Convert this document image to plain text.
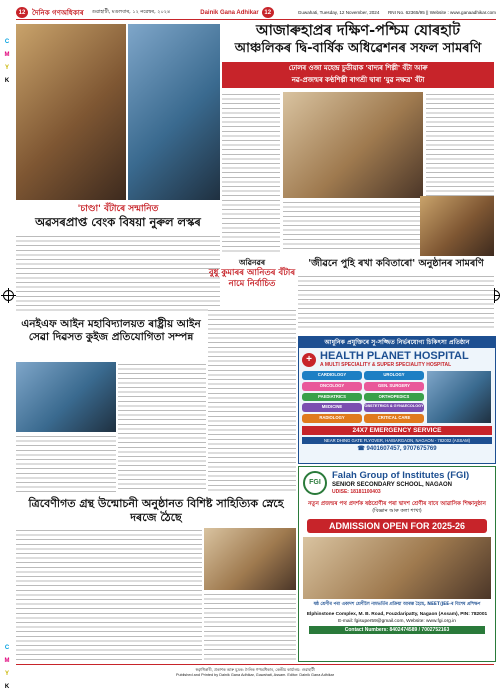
C
M
Y
K
C
M
Y
K
12 দৈনিক গণঅধিকাৰ গুৱাহাটী, মঙলবাৰ, ১২ নৱেম্বৰ, ২০২৪	Dainik Gana Adhikar 12	Guwahati, Tuesday, 12 November, 2024 RNI No. 62365/95 || Website : www.ganaadhikar.com
আজাৰুহাপ্ৰৰ দক্ষিণ-পশ্চিম যোৰহাট
আঞ্চলিকৰ দ্বি-বাৰ্ষিক অধিৱেশনৰ সফল সামৰণি
ঢোলৰ ওজা মহেন্দ্ৰ চুতীয়াক 'বাদ্যৰ শিল্পী' বঁটা আৰু
নৱ-প্ৰজন্মৰ কণ্ঠশিল্পী ৰাগশ্ৰী দ্বাৰা 'যুৱ নক্ষত্ৰ' বঁটা
'চাণ্ডা' বঁটাৰে সন্মানিত
অৱসৰপ্ৰাপ্ত বেংক বিষয়া নুৰুল লস্কৰ
'জীৱনে পুহি ৰখা কবিতাৰো' অনুষ্ঠানৰ সামৰণি
এনইএফ আইন মহাবিদ্যালয়ত ৰাষ্ট্ৰীয় আইন সেৱা দিৱসত কুইজ প্ৰতিযোগিতা সম্পন্ন
অৱিনৱৰ
বুধু কুমাৰৰ আনিতৰ বঁটাৰ নামে নিৰ্বাচিত
ত্ৰিবেণীগত গ্ৰন্থ উন্মোচনী অনুষ্ঠানত বিশিষ্ট সাহিত্যিক স্নেহে দৰজে ঠৈছে
আধুনিক প্ৰযুক্তিৰে সু-সজ্জিত নিৰ্ভৰযোগ্য চিকিৎসা প্ৰতিষ্ঠান
+ HEALTH PLANET HOSPITAL
A MULTI SPECIALITY & SUPER SPECIALITY HOSPITAL
CARDIOLOGY	UROLOGY
ONCOLOGY	GEN. SURGERY
PAEDIATRICS	ORTHOPEDICS
MEDICINE	OBSTETRICS & GYNAECOLOGY
RADIOLOGY	CRITICAL CARE
24X7 EMERGENCY SERVICE
NEAR DHING GATE FLYOVER, HAIBARGAON, NAGAON - 782002 (ASSAM)
☎ 9401607457, 9707675769
FGI
Falah Group of Institutes (FGI)
SENIOR SECONDARY SCHOOL, NAGAON
UDISE: 18181100403
নতুন প্ৰজন্মৰ পথ প্ৰদৰ্শক ষষ্ঠশ্ৰেণীৰ পৰা দ্বাদশ শ্ৰেণীৰ বাবে আৱাসিক শিক্ষানুষ্ঠান
(বিজ্ঞান আৰু কলা শাখা)
ADMISSION OPEN FOR 2025-26
ষষ্ঠ শ্ৰেণীৰ পৰা একাদশ শ্ৰেণীলৈ নামভৰ্তিৰ প্ৰক্ৰিয়া আৰম্ভ হৈছে, NEET/JEE-ৰ বিশেষ প্ৰশিক্ষণ
Elphinstone Complex, M. B. Road, Fouzdaripatty, Nagaon (Assam), PIN: 782001
E-mail: fgisuper59@gmail.com, Website: www.fgi.org.in
Contact Numbers: 8402474589 / 7002752163
স্বত্বাধিকাৰী, প্ৰকাশক আৰু মুদ্ৰক: দৈনিক গণঅধিকাৰ, কেন্দ্ৰীয় কাৰ্যালয়: গুৱাহাটী
Published and Printed by Dainik Gana Adhikar, Guwahati, Assam. Editor: Dainik Gana Adhikar
